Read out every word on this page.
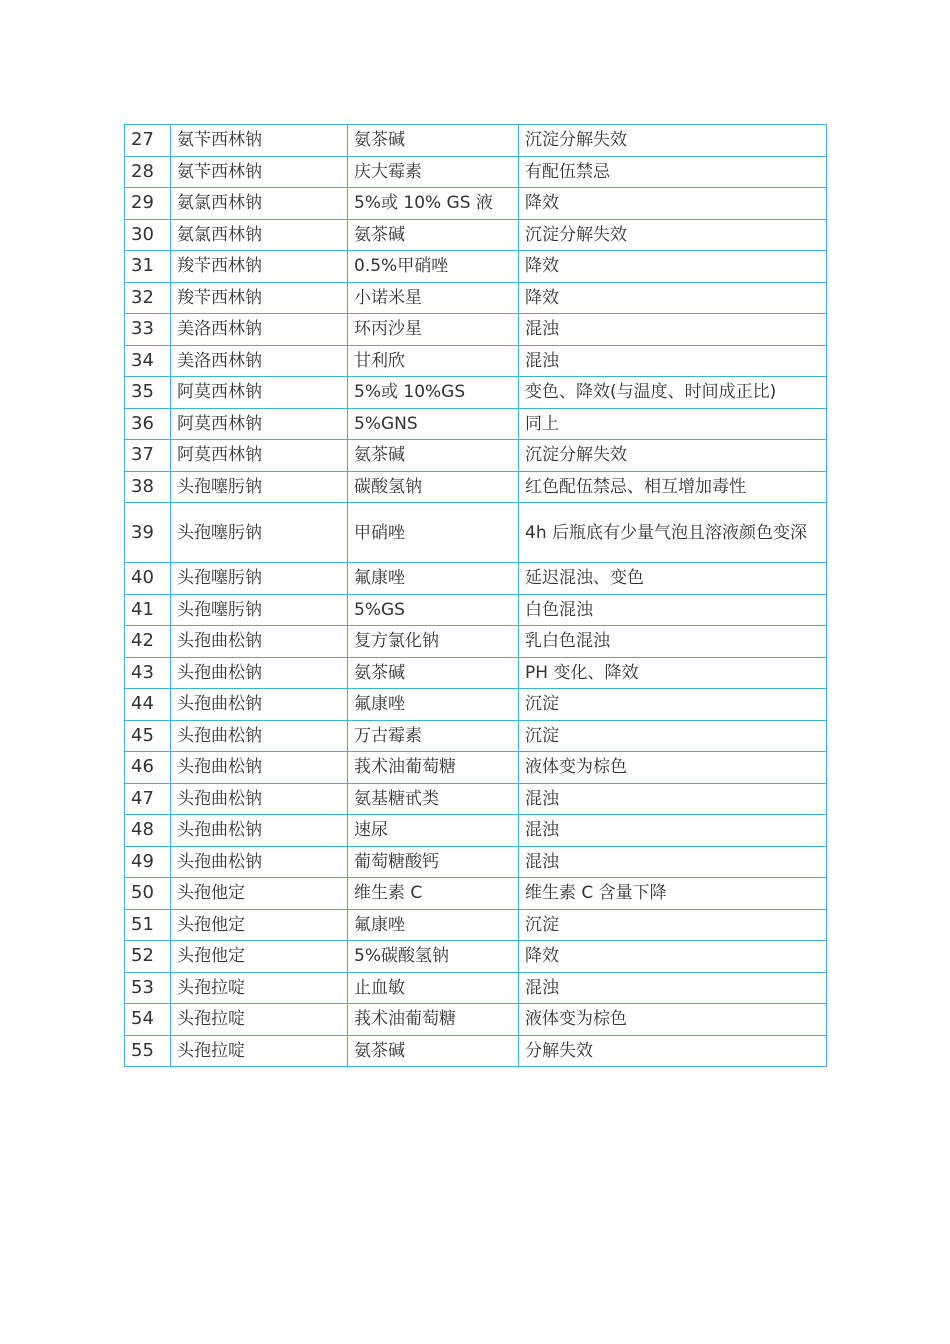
27	氨苄西林钠	氨茶碱	沉淀分解失效
28	氨苄西林钠	庆大霉素	有配伍禁忌
29	氨氯西林钠	5%或 10% GS 液	降效
30	氨氯西林钠	氨茶碱	沉淀分解失效
31	羧苄西林钠	0.5%甲硝唑	降效
32	羧苄西林钠	小诺米星	降效
33	美洛西林钠	环丙沙星	混浊
34	美洛西林钠	甘利欣	混浊
35	阿莫西林钠	5%或 10%GS	变色、降效(与温度、时间成正比)
36	阿莫西林钠	5%GNS	同上
37	阿莫西林钠	氨茶碱	沉淀分解失效
38	头孢噻肟钠	碳酸氢钠	红色配伍禁忌、相互增加毒性
39	头孢噻肟钠	甲硝唑	4h 后瓶底有少量气泡且溶液颜色变深
40	头孢噻肟钠	氟康唑	延迟混浊、变色
41	头孢噻肟钠	5%GS	白色混浊
42	头孢曲松钠	复方氯化钠	乳白色混浊
43	头孢曲松钠	氨茶碱	PH 变化、降效
44	头孢曲松钠	氟康唑	沉淀
45	头孢曲松钠	万古霉素	沉淀
46	头孢曲松钠	莪术油葡萄糖	液体变为棕色
47	头孢曲松钠	氨基糖甙类	混浊
48	头孢曲松钠	速尿	混浊
49	头孢曲松钠	葡萄糖酸钙	混浊
50	头孢他定	维生素 C	维生素 C 含量下降
51	头孢他定	氟康唑	沉淀
52	头孢他定	5%碳酸氢钠	降效
53	头孢拉啶	止血敏	混浊
54	头孢拉啶	莪术油葡萄糖	液体变为棕色
55	头孢拉啶	氨茶碱	分解失效
